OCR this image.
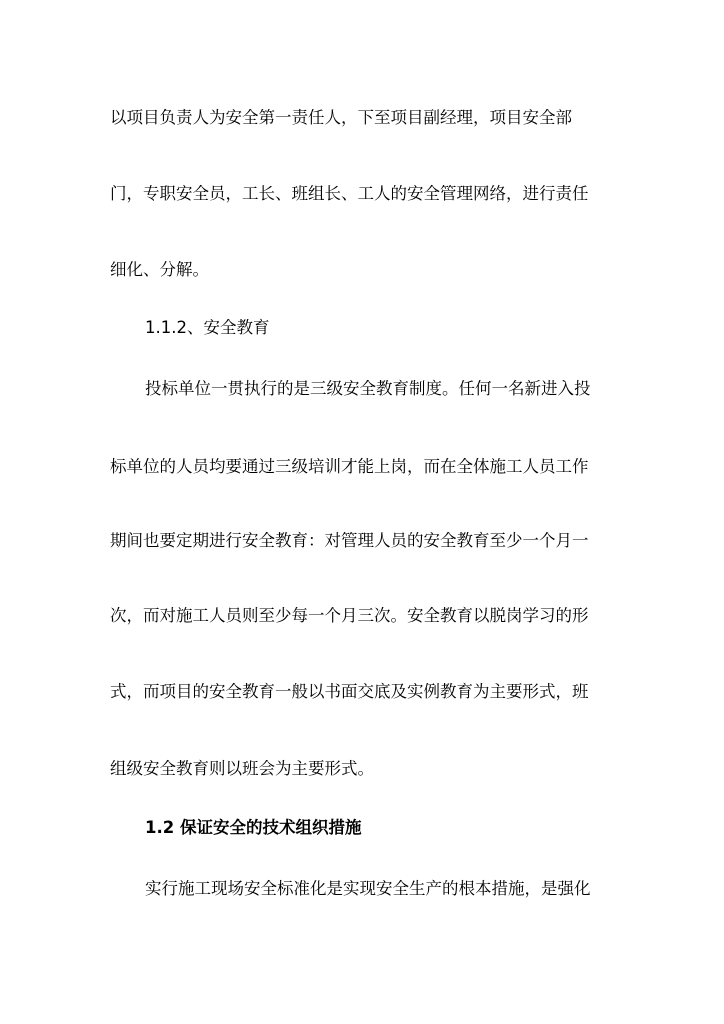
以项目负责人为安全第一责任人，下至项目副经理，项目安全部
门，专职安全员，工长、班组长、工人的安全管理网络，进行责任
细化、分解。
1.1.2、安全教育
投标单位一贯执行的是三级安全教育制度。任何一名新进入投
标单位的人员均要通过三级培训才能上岗，而在全体施工人员工作
期间也要定期进行安全教育：对管理人员的安全教育至少一个月一
次，而对施工人员则至少每一个月三次。安全教育以脱岗学习的形
式，而项目的安全教育一般以书面交底及实例教育为主要形式，班
组级安全教育则以班会为主要形式。
1.2 保证安全的技术组织措施
实行施工现场安全标准化是实现安全生产的根本措施，是强化
